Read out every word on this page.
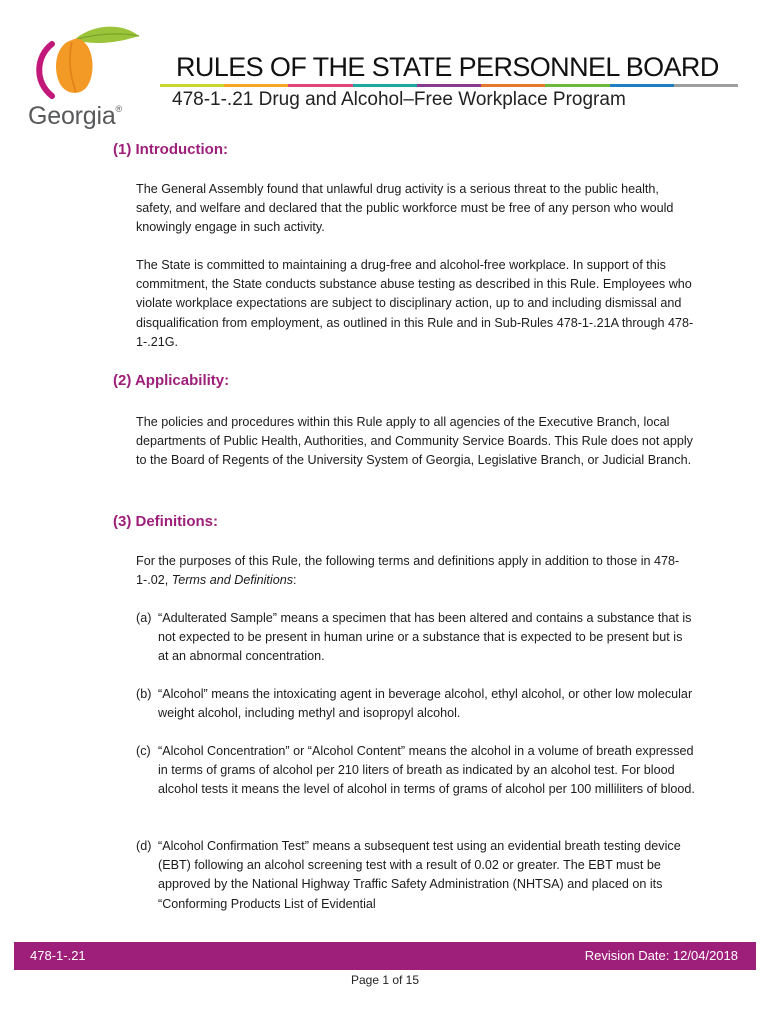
Georgia®
RULES OF THE STATE PERSONNEL BOARD
478-1-.21 Drug and Alcohol–Free Workplace Program
(1) Introduction:
The General Assembly found that unlawful drug activity is a serious threat to the public health, safety, and welfare and declared that the public workforce must be free of any person who would knowingly engage in such activity.
The State is committed to maintaining a drug-free and alcohol-free workplace. In support of this commitment, the State conducts substance abuse testing as described in this Rule. Employees who violate workplace expectations are subject to disciplinary action, up to and including dismissal and disqualification from employment, as outlined in this Rule and in Sub-Rules 478-1-.21A through 478-1-.21G.
(2) Applicability:
The policies and procedures within this Rule apply to all agencies of the Executive Branch, local departments of Public Health, Authorities, and Community Service Boards. This Rule does not apply to the Board of Regents of the University System of Georgia, Legislative Branch, or Judicial Branch.
(3) Definitions:
For the purposes of this Rule, the following terms and definitions apply in addition to those in 478-1-.02, Terms and Definitions:
(a) “Adulterated Sample” means a specimen that has been altered and contains a substance that is not expected to be present in human urine or a substance that is expected to be present but is at an abnormal concentration.
(b) “Alcohol” means the intoxicating agent in beverage alcohol, ethyl alcohol, or other low molecular weight alcohol, including methyl and isopropyl alcohol.
(c) “Alcohol Concentration” or “Alcohol Content” means the alcohol in a volume of breath expressed in terms of grams of alcohol per 210 liters of breath as indicated by an alcohol test. For blood alcohol tests it means the level of alcohol in terms of grams of alcohol per 100 milliliters of blood.
(d) “Alcohol Confirmation Test” means a subsequent test using an evidential breath testing device (EBT) following an alcohol screening test with a result of 0.02 or greater. The EBT must be approved by the National Highway Traffic Safety Administration (NHTSA) and placed on its “Conforming Products List of Evidential
478-1-.21	Revision Date: 12/04/2018
Page 1 of 15
